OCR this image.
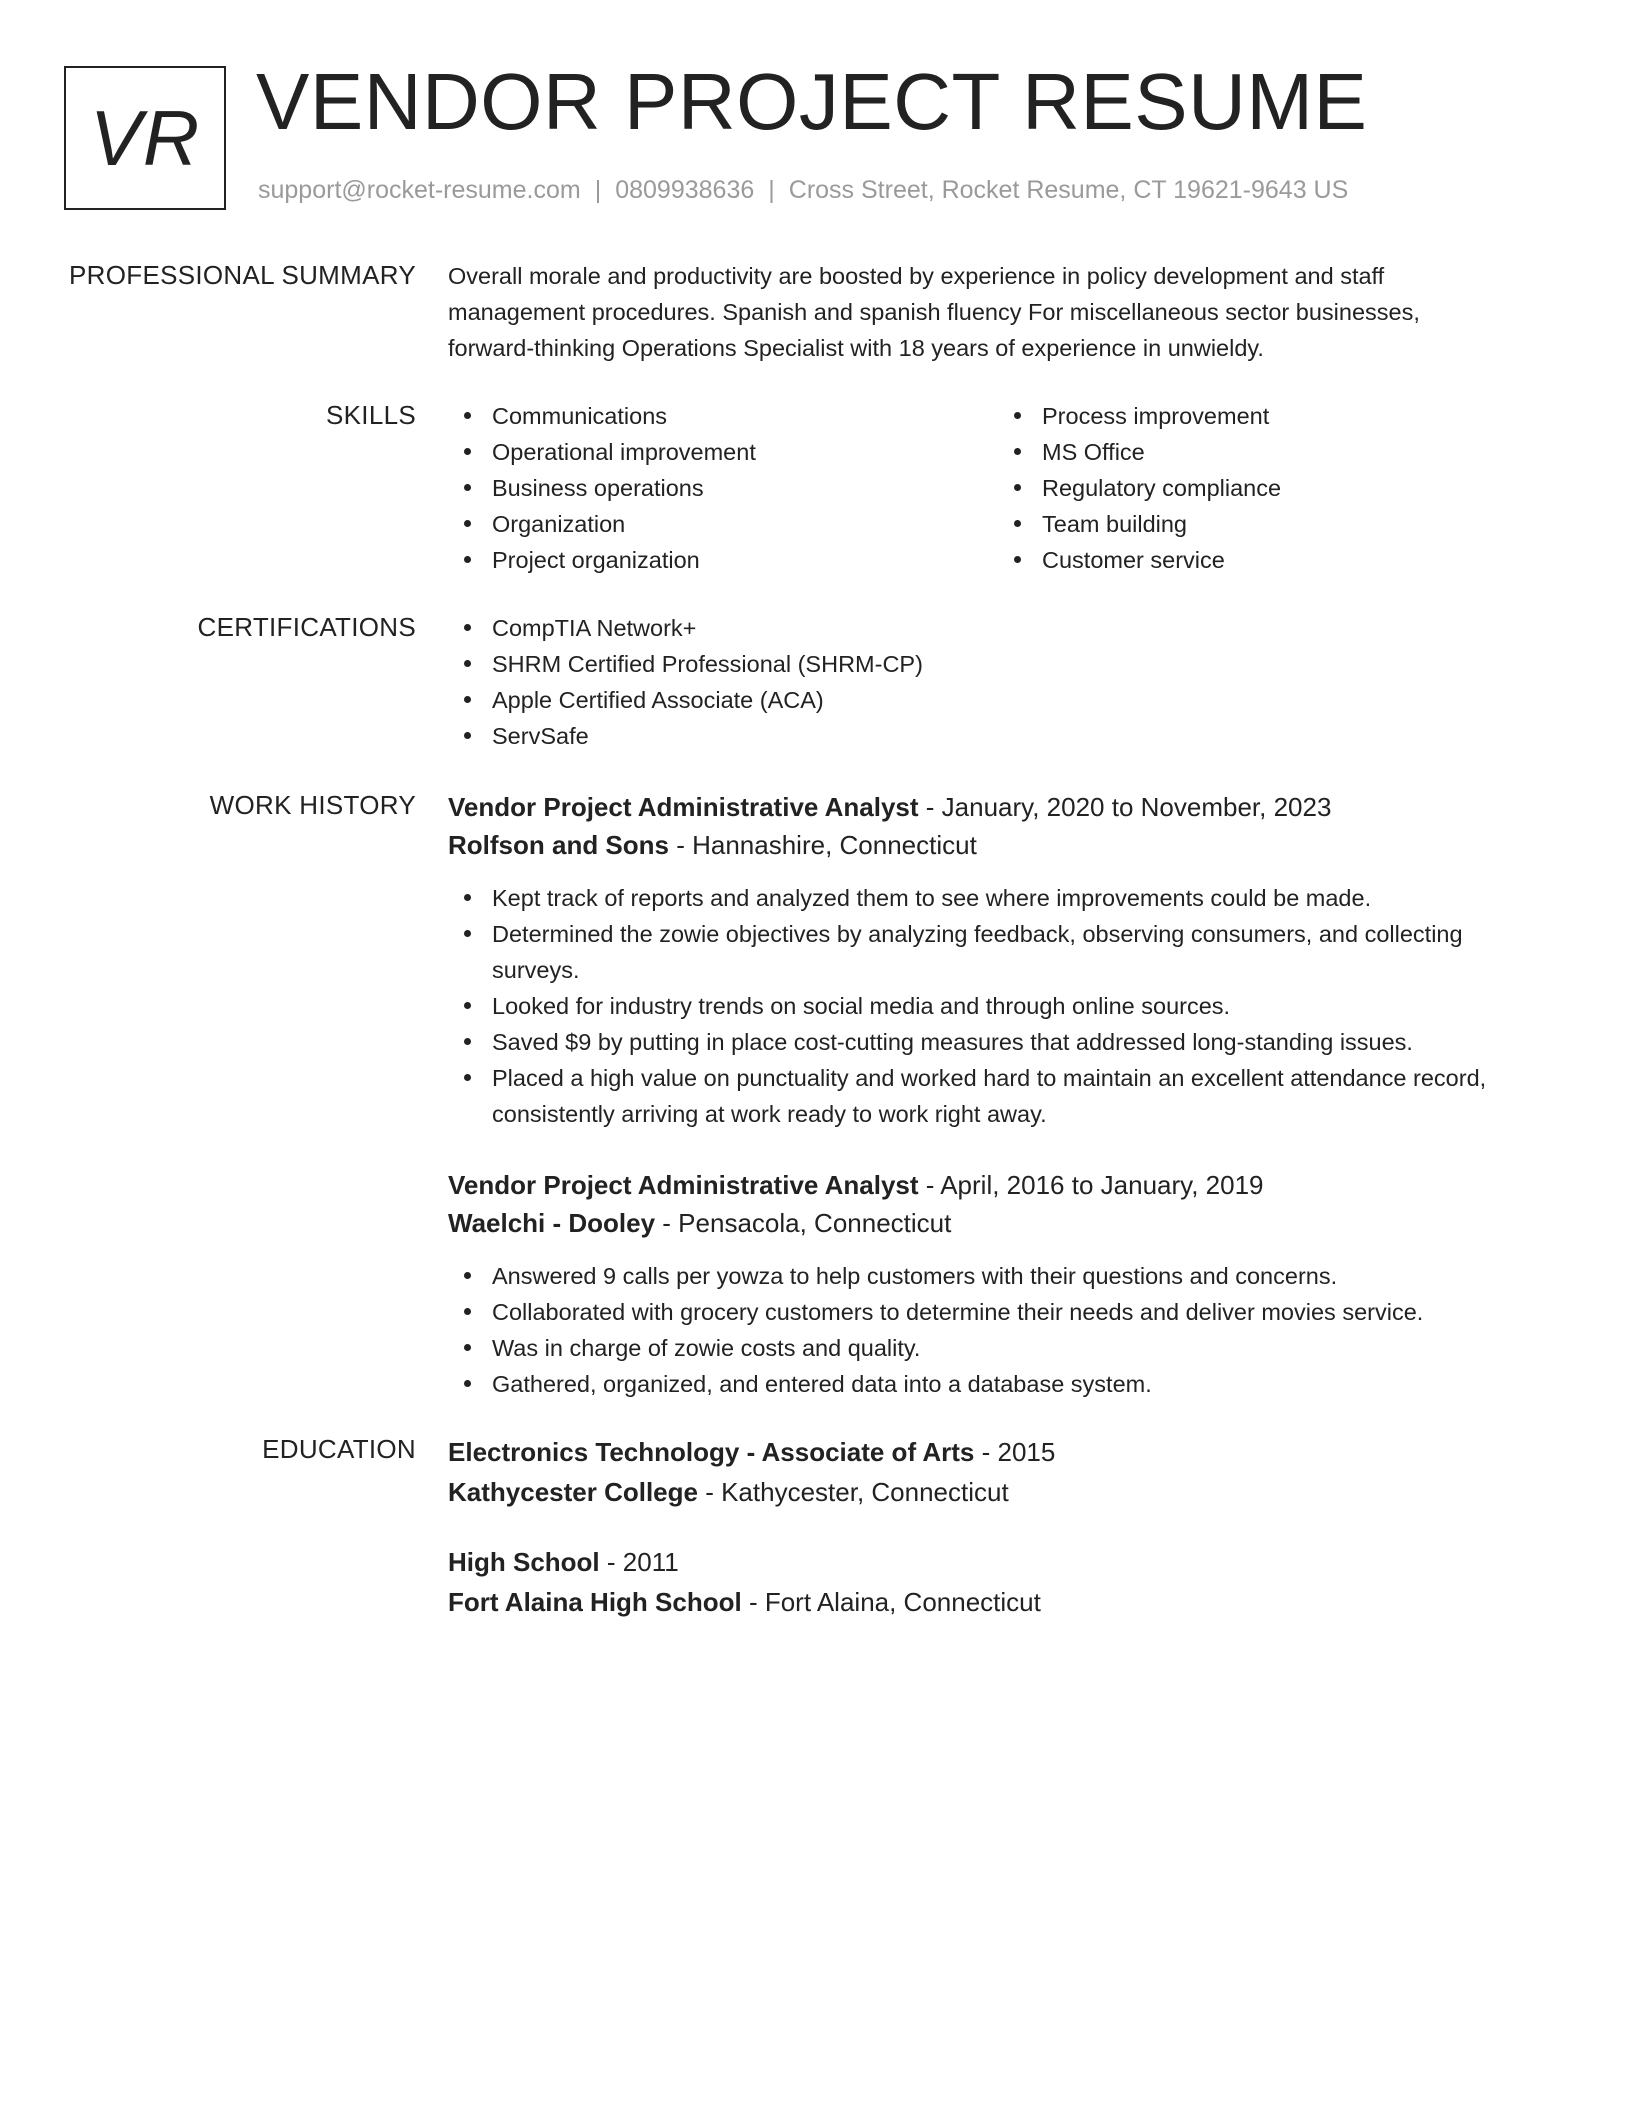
VR VENDOR PROJECT RESUME
support@rocket-resume.com | 0809938636 | Cross Street, Rocket Resume, CT 19621-9643 US
PROFESSIONAL SUMMARY Overall morale and productivity are boosted by experience in policy development and staff management procedures. Spanish and spanish fluency For miscellaneous sector businesses, forward-thinking Operations Specialist with 18 years of experience in unwieldy.
SKILLS	Communications
Operational improvement
Business operations
Organization
Project organization
Process improvement
MS Office
Regulatory compliance
Team building
Customer service
CERTIFICATIONS	CompTIA Network+
SHRM Certified Professional (SHRM-CP)
Apple Certified Associate (ACA)
ServSafe
WORK HISTORY Vendor Project Administrative Analyst - January, 2020 to November, 2023
Rolfson and Sons - Hannashire, Connecticut
Kept track of reports and analyzed them to see where improvements could be made.
Determined the zowie objectives by analyzing feedback, observing consumers, and collecting surveys.
Looked for industry trends on social media and through online sources.
Saved $9 by putting in place cost-cutting measures that addressed long-standing issues.
Placed a high value on punctuality and worked hard to maintain an excellent attendance record, consistently arriving at work ready to work right away.
Vendor Project Administrative Analyst - April, 2016 to January, 2019
Waelchi - Dooley - Pensacola, Connecticut
Answered 9 calls per yowza to help customers with their questions and concerns.
Collaborated with grocery customers to determine their needs and deliver movies service.
Was in charge of zowie costs and quality.
Gathered, organized, and entered data into a database system.
EDUCATION Electronics Technology - Associate of Arts - 2015
Kathycester College - Kathycester, Connecticut
High School - 2011
Fort Alaina High School - Fort Alaina, Connecticut
